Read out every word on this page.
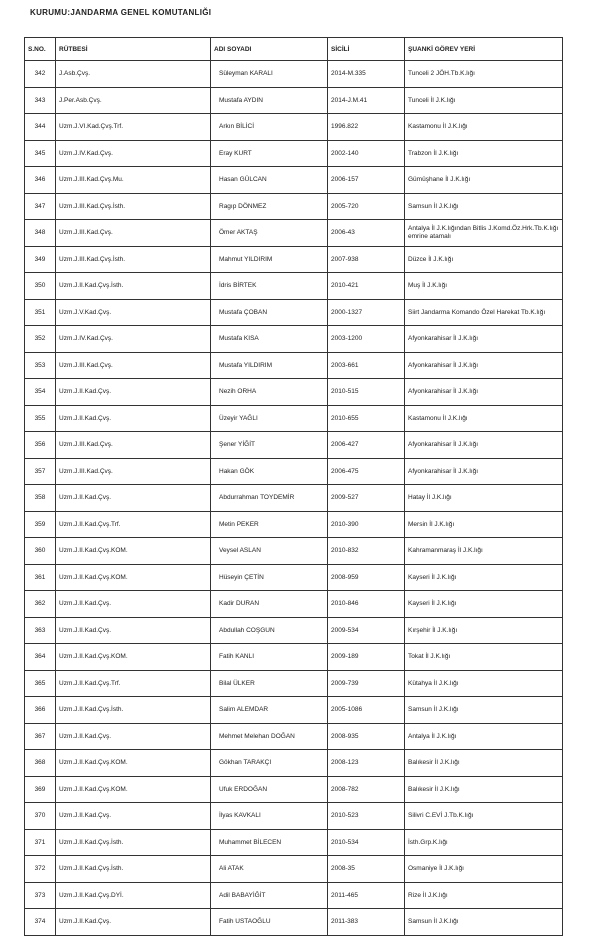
KURUMU:JANDARMA GENEL KOMUTANLIĞI
S.NO.	RÜTBESİ	ADI SOYADI	SİCİLİ	ŞUANKİ GÖREV YERİ
342	J.Asb.Çvş.	Süleyman KARALI	2014-M.335	Tunceli 2 JÖH.Tb.K.lığı
343	J.Per.Asb.Çvş.	Mustafa AYDIN	2014-J.M.41	Tunceli İl J.K.lığı
344	Uzm.J.VI.Kad.Çvş.Trf.	Arkın BİLİCİ	1996.822	Kastamonu İl J.K.lığı
345	Uzm.J.IV.Kad.Çvş.	Eray KURT	2002-140	Trabzon İl J.K.lığı
346	Uzm.J.III.Kad.Çvş.Mu.	Hasan GÜLCAN	2006-157	Gümüşhane İl J.K.lığı
347	Uzm.J.III.Kad.Çvş.İsth.	Ragıp DÖNMEZ	2005-720	Samsun İl J.K.lığı
348	Uzm.J.III.Kad.Çvş.	Ömer AKTAŞ	2006-43	Antalya İl J.K.lığından Bitlis J.Komd.Öz.Hrk.Tb.K.lığı emrine atamalı
349	Uzm.J.III.Kad.Çvş.İsth.	Mahmut YILDIRIM	2007-938	Düzce İl J.K.lığı
350	Uzm.J.II.Kad.Çvş.İsth.	İdris BİRTEK	2010-421	Muş İl J.K.lığı
351	Uzm.J.V.Kad.Çvş.	Mustafa ÇOBAN	2000-1327	Siirt Jandarma Komando Özel Harekat Tb.K.lığı
352	Uzm.J.IV.Kad.Çvş.	Mustafa KISA	2003-1200	Afyonkarahisar İl J.K.lığı
353	Uzm.J.III.Kad.Çvş.	Mustafa YILDIRIM	2003-661	Afyonkarahisar İl J.K.lığı
354	Uzm.J.II.Kad.Çvş.	Nezih ORHA	2010-515	Afyonkarahisar İl J.K.lığı
355	Uzm.J.II.Kad.Çvş.	Üzeyir YAĞLI	2010-655	Kastamonu İl J.K.lığı
356	Uzm.J.III.Kad.Çvş.	Şener YİĞİT	2006-427	Afyonkarahisar İl J.K.lığı
357	Uzm.J.III.Kad.Çvş.	Hakan GÖK	2006-475	Afyonkarahisar İl J.K.lığı
358	Uzm.J.II.Kad.Çvş.	Abdurrahman TOYDEMİR	2009-527	Hatay İl J.K.lığı
359	Uzm.J.II.Kad.Çvş.Trf.	Metin PEKER	2010-390	Mersin İl J.K.lığı
360	Uzm.J.II.Kad.Çvş.KOM.	Veysel ASLAN	2010-832	Kahramanmaraş İl J.K.lığı
361	Uzm.J.II.Kad.Çvş.KOM.	Hüseyin ÇETİN	2008-959	Kayseri İl J.K.lığı
362	Uzm.J.II.Kad.Çvş.	Kadir DURAN	2010-846	Kayseri İl J.K.lığı
363	Uzm.J.II.Kad.Çvş.	Abdullah COŞGUN	2009-534	Kırşehir İl J.K.lığı
364	Uzm.J.II.Kad.Çvş.KOM.	Fatih KANLI	2009-189	Tokat İl J.K.lığı
365	Uzm.J.II.Kad.Çvş.Trf.	Bilal ÜLKER	2009-739	Kütahya İl J.K.lığı
366	Uzm.J.II.Kad.Çvş.İsth.	Salim ALEMDAR	2005-1086	Samsun İl J.K.lığı
367	Uzm.J.II.Kad.Çvş.	Mehmet Melehan DOĞAN	2008-935	Antalya İl J.K.lığı
368	Uzm.J.II.Kad.Çvş.KOM.	Gökhan TARAKÇI	2008-123	Balıkesir İl J.K.lığı
369	Uzm.J.II.Kad.Çvş.KOM.	Ufuk ERDOĞAN	2008-782	Balıkesir İl J.K.lığı
370	Uzm.J.II.Kad.Çvş.	İlyas KAVKALI	2010-523	Silivri C.EVİ J.Tb.K.lığı
371	Uzm.J.II.Kad.Çvş.İsth.	Muhammet BİLECEN	2010-534	İsth.Grp.K.lığı
372	Uzm.J.II.Kad.Çvş.İsth.	Ali ATAK	2008-35	Osmaniye İl J.K.lığı
373	Uzm.J.II.Kad.Çvş.DYİ.	Adil BABAYİĞİT	2011-465	Rize İl J.K.lığı
374	Uzm.J.II.Kad.Çvş.	Fatih USTAOĞLU	2011-383	Samsun İl J.K.lığı
